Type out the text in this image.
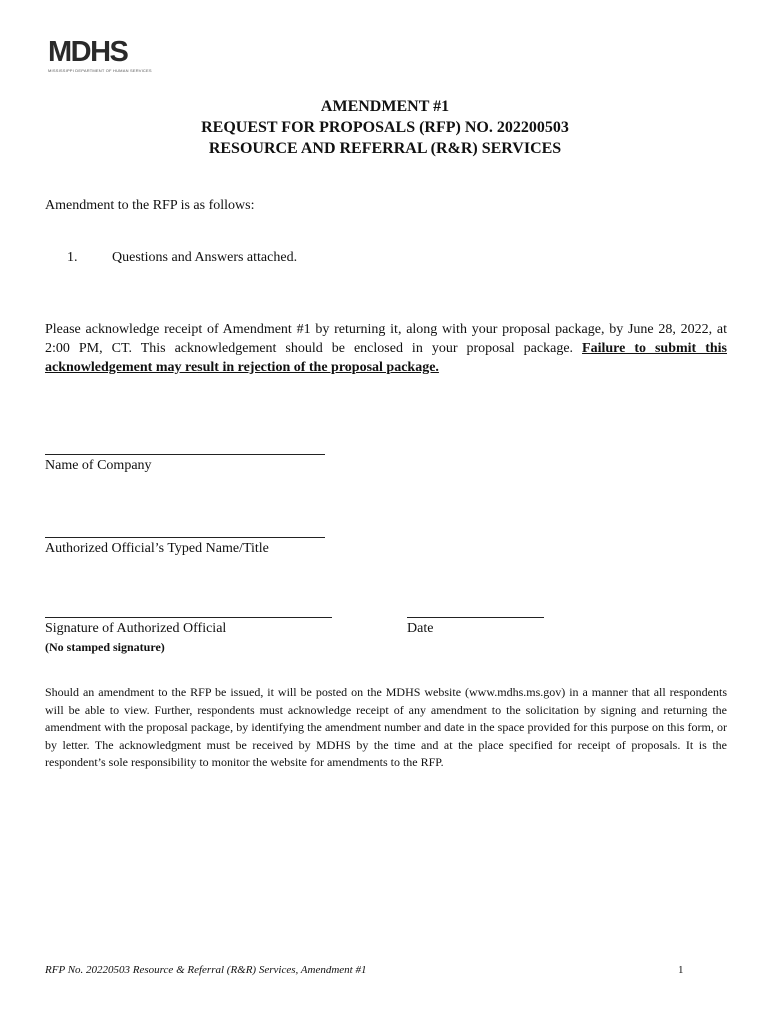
MDHS
MISSISSIPPI DEPARTMENT OF HUMAN SERVICES
AMENDMENT #1
REQUEST FOR PROPOSALS (RFP) NO. 202200503
RESOURCE AND REFERRAL (R&R) SERVICES
Amendment to the RFP is as follows:
1. Questions and Answers attached.
Please acknowledge receipt of Amendment #1 by returning it, along with your proposal package, by June 28, 2022, at 2:00 PM, CT. This acknowledgement should be enclosed in your proposal package. Failure to submit this acknowledgement may result in rejection of the proposal package.
Name of Company
Authorized Official’s Typed Name/Title
Signature of Authorized Official
(No stamped signature)
Date
Should an amendment to the RFP be issued, it will be posted on the MDHS website (www.mdhs.ms.gov) in a manner that all respondents will be able to view. Further, respondents must acknowledge receipt of any amendment to the solicitation by signing and returning the amendment with the proposal package, by identifying the amendment number and date in the space provided for this purpose on this form, or by letter. The acknowledgment must be received by MDHS by the time and at the place specified for receipt of proposals. It is the respondent’s sole responsibility to monitor the website for amendments to the RFP.
RFP No. 20220503 Resource & Referral (R&R) Services, Amendment #1	1
